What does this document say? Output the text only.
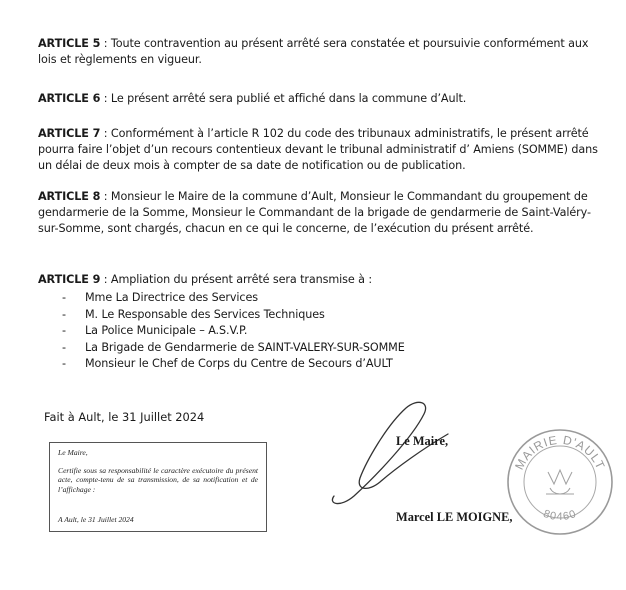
ARTICLE 5 : Toute contravention au présent arrêté sera constatée et poursuivie conformément aux lois et règlements en vigueur.
ARTICLE 6 : Le présent arrêté sera publié et affiché dans la commune d’Ault.
ARTICLE 7 : Conformément à l’article R 102 du code des tribunaux administratifs, le présent arrêté pourra faire l’objet d’un recours contentieux devant le tribunal administratif d’ Amiens (SOMME) dans un délai de deux mois à compter de sa date de notification ou de publication.
ARTICLE 8 : Monsieur le Maire de la commune d’Ault, Monsieur le Commandant du groupement de gendarmerie de la Somme, Monsieur le Commandant de la brigade de gendarmerie de Saint-Valéry-sur-Somme, sont chargés, chacun en ce qui le concerne, de l’exécution du présent arrêté.
ARTICLE 9 : Ampliation du présent arrêté sera transmise à :
- Mme La Directrice des Services
- M. Le Responsable des Services Techniques
- La Police Municipale – A.S.V.P.
- La Brigade de Gendarmerie de SAINT-VALERY-SUR-SOMME
- Monsieur le Chef de Corps du Centre de Secours d’AULT
Fait à Ault, le 31 Juillet 2024
Le Maire,
Certifie sous sa responsabilité le caractère exécutoire du présent acte, compte-tenu de sa transmission, de sa notification et de l’affichage :
A Ault, le 31 Juillet 2024
Le Maire,
Marcel LE MOIGNE,
MAIRIE D'AULT
80460
